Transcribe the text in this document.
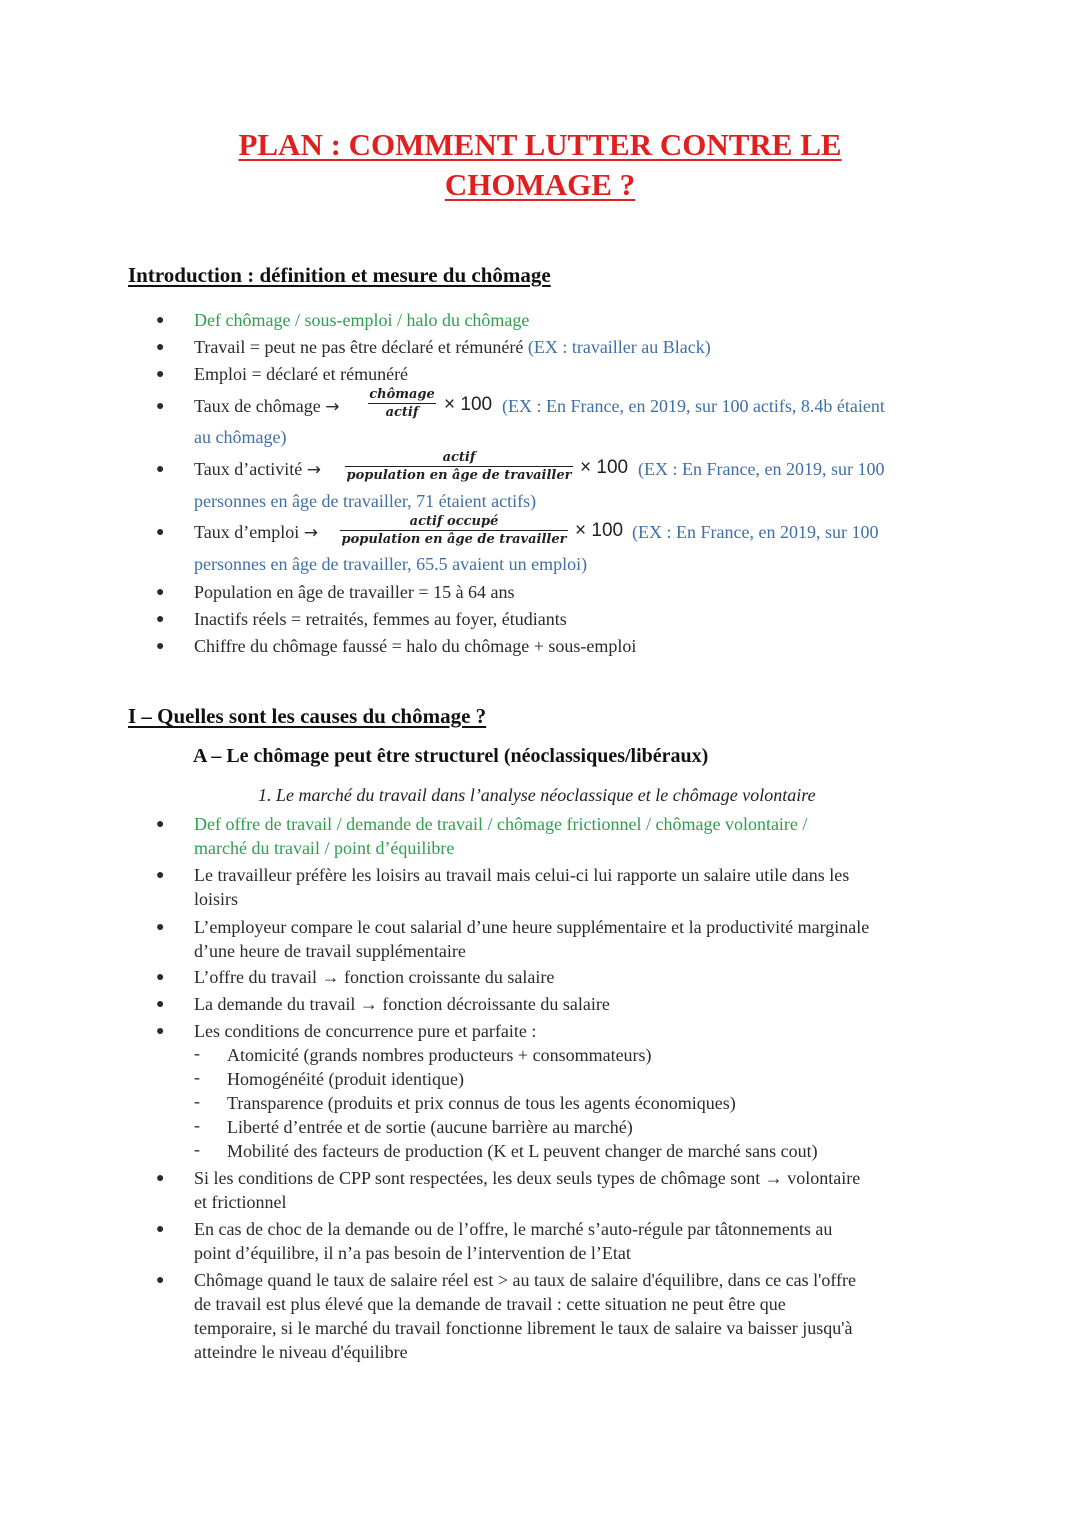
PLAN : COMMENT LUTTER CONTRE LE
CHOMAGE ?
Introduction : définition et mesure du chômage
● Def chômage / sous-emploi / halo du chômage
● Travail = peut ne pas être déclaré et rémunéré (EX : travailler au Black)
● Emploi = déclaré et rémunéré
● Taux de chômage →
chômage
actif	× 100 (EX : En France, en 2019, sur 100 actifs, 8.4b étaient
au chômage)
● Taux d’activité →
actif
population en âge de travailler × 100 (EX : En France, en 2019, sur 100
personnes en âge de travailler, 71 étaient actifs)
● Taux d’emploi →
actif occupé
population en âge de travailler × 100 (EX : En France, en 2019, sur 100
personnes en âge de travailler, 65.5 avaient un emploi)
● Population en âge de travailler = 15 à 64 ans
● Inactifs réels = retraités, femmes au foyer, étudiants
● Chiffre du chômage faussé = halo du chômage + sous-emploi
I – Quelles sont les causes du chômage ?
A – Le chômage peut être structurel (néoclassiques/libéraux)
1. Le marché du travail dans l’analyse néoclassique et le chômage volontaire
● Def offre de travail / demande de travail / chômage frictionnel / chômage volontaire /
marché du travail / point d’équilibre
● Le travailleur préfère les loisirs au travail mais celui-ci lui rapporte un salaire utile dans les
loisirs
● L’employeur compare le cout salarial d’une heure supplémentaire et la productivité marginale
d’une heure de travail supplémentaire
● L’offre du travail → fonction croissante du salaire
● La demande du travail → fonction décroissante du salaire
● Les conditions de concurrence pure et parfaite :
- Atomicité (grands nombres producteurs + consommateurs)
- Homogénéité (produit identique)
- Transparence (produits et prix connus de tous les agents économiques)
- Liberté d’entrée et de sortie (aucune barrière au marché)
- Mobilité des facteurs de production (K et L peuvent changer de marché sans cout)
● Si les conditions de CPP sont respectées, les deux seuls types de chômage sont → volontaire
et frictionnel
● En cas de choc de la demande ou de l’offre, le marché s’auto-régule par tâtonnements au
point d’équilibre, il n’a pas besoin de l’intervention de l’Etat
● Chômage quand le taux de salaire réel est > au taux de salaire d'équilibre, dans ce cas l'offre
de travail est plus élevé que la demande de travail : cette situation ne peut être que
temporaire, si le marché du travail fonctionne librement le taux de salaire va baisser jusqu'à
atteindre le niveau d'équilibre
